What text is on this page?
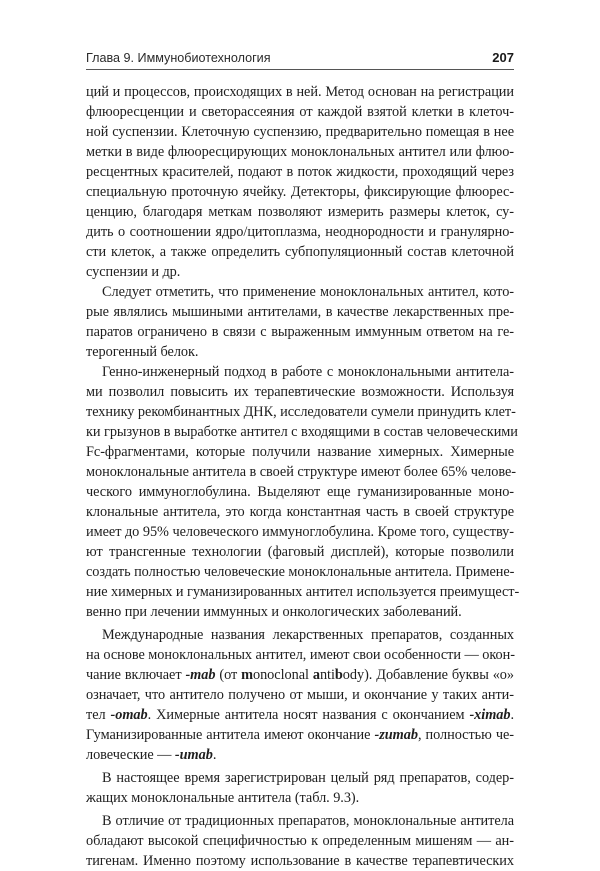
Глава 9. Иммунобиотехнология	207
ций и процессов, происходящих в ней. Метод основан на регистрации
флюоресценции и светорассеяния от каждой взятой клетки в клеточ-
ной суспензии. Клеточную суспензию, предварительно помещая в нее
метки в виде флюоресцирующих моноклональных антител или флюо-
ресцентных красителей, подают в поток жидкости, проходящий через
специальную проточную ячейку. Детекторы, фиксирующие флюорес-
ценцию, благодаря меткам позволяют измерить размеры клеток, су-
дить о соотношении ядро/цитоплазма, неоднородности и гранулярно-
сти клеток, а также определить субпопуляционный состав клеточной
суспензии и др.
Следует отметить, что применение моноклональных антител, кото-
рые являлись мышиными антителами, в качестве лекарственных пре-
паратов ограничено в связи с выраженным иммунным ответом на ге-
терогенный белок.
Генно-инженерный подход в работе с моноклональными антитела-
ми позволил повысить их терапевтические возможности. Используя
технику рекомбинантных ДНК, исследователи сумели принудить клет-
ки грызунов в выработке антител с входящими в состав человеческими
Fc-фрагментами, которые получили название химерных. Химерные
моноклональные антитела в своей структуре имеют более 65% челове-
ческого иммуноглобулина. Выделяют еще гуманизированные моно-
клональные антитела, это когда константная часть в своей структуре
имеет до 95% человеческого иммуноглобулина. Кроме того, существу-
ют трансгенные технологии (фаговый дисплей), которые позволили
создать полностью человеческие моноклональные антитела. Примене-
ние химерных и гуманизированных антител используется преимущест-
венно при лечении иммунных и онкологических заболеваний.
Международные названия лекарственных препаратов, созданных
на основе моноклональных антител, имеют свои особенности — окон-
чание включает -mab (от monoclonal antibody). Добавление буквы «о»
означает, что антитело получено от мыши, и окончание у таких анти-
тел -omab. Химерные антитела носят названия с окончанием -ximab.
Гуманизированные антитела имеют окончание -zumab, полностью че-
ловеческие — -umab.
В настоящее время зарегистрирован целый ряд препаратов, содер-
жащих моноклональные антитела (табл. 9.3).
В отличие от традиционных препаратов, моноклональные антитела
обладают высокой специфичностью к определенным мишеням — ан-
тигенам. Именно поэтому использование в качестве терапевтических
